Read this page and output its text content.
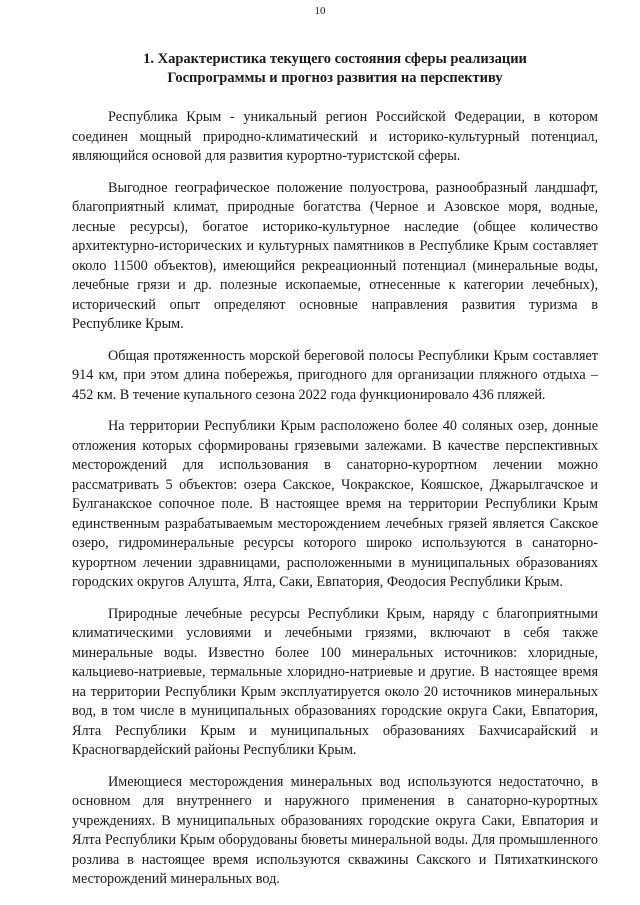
10
1. Характеристика текущего состояния сферы реализации
Госпрограммы и прогноз развития на перспективу

Республика Крым - уникальный регион Российской Федерации, в котором соединен мощный природно-климатический и историко-культурный потенциал, являющийся основой для развития курортно-туристской сферы.

Выгодное географическое положение полуострова, разнообразный ландшафт, благоприятный климат, природные богатства (Черное и Азовское моря, водные, лесные ресурсы), богатое историко-культурное наследие (общее количество архитектурно-исторических и культурных памятников в Республике Крым составляет около 11500 объектов), имеющийся рекреационный потенциал (минеральные воды, лечебные грязи и др. полезные ископаемые, отнесенные к категории лечебных), исторический опыт определяют основные направления развития туризма в Республике Крым.

Общая протяженность морской береговой полосы Республики Крым составляет 914 км, при этом длина побережья, пригодного для организации пляжного отдыха – 452 км. В течение купального сезона 2022 года функционировало 436 пляжей.

На территории Республики Крым расположено более 40 соляных озер, донные отложения которых сформированы грязевыми залежами. В качестве перспективных месторождений для использования в санаторно-курортном лечении можно рассматривать 5 объектов: озера Сакское, Чокракское, Кояшское, Джарылгачское и Булганакское сопочное поле. В настоящее время на территории Республики Крым единственным разрабатываемым месторождением лечебных грязей является Сакское озеро, гидроминеральные ресурсы которого широко используются в санаторно-курортном лечении здравницами, расположенными в муниципальных образованиях городских округов Алушта, Ялта, Саки, Евпатория, Феодосия Республики Крым.

Природные лечебные ресурсы Республики Крым, наряду с благоприятными климатическими условиями и лечебными грязями, включают в себя также минеральные воды. Известно более 100 минеральных источников: хлоридные, кальциево-натриевые, термальные хлоридно-натриевые и другие. В настоящее время на территории Республики Крым эксплуатируется около 20 источников минеральных вод, в том числе в муниципальных образованиях городские округа Саки, Евпатория, Ялта Республики Крым и муниципальных образованиях Бахчисарайский и Красногвардейский районы Республики Крым.

Имеющиеся месторождения минеральных вод используются недостаточно, в основном для внутреннего и наружного применения в санаторно-курортных учреждениях. В муниципальных образованиях городские округа Саки, Евпатория и Ялта Республики Крым оборудованы бюветы минеральной воды. Для промышленного розлива в настоящее время используются скважины Сакского и Пятихаткинского месторождений минеральных вод.
